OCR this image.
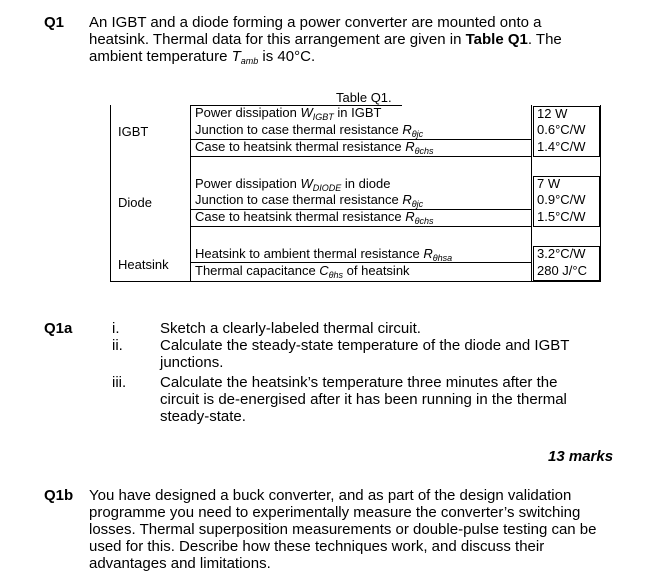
Q1 An IGBT and a diode forming a power converter are mounted onto a
heatsink. Thermal data for this arrangement are given in Table Q1. The
ambient temperature $T_{amb}$ is 40°C.
Table Q1.
IGBT
Diode
Heatsink
Power dissipation $W_{IGBT}$ in IGBT
Junction to case thermal resistance $R_{\theta jc}$
Case to heatsink thermal resistance $R_{\theta chs}$
12 W
0.6°C/W
1.4°C/W
Power dissipation $W_{DIODE}$ in diode
Junction to case thermal resistance $R_{\theta jc}$
Case to heatsink thermal resistance $R_{\theta chs}$
7 W
0.9°C/W
1.5°C/W
Heatsink to ambient thermal resistance $R_{\theta hsa}$
Thermal capacitance $C_{\theta hs}$ of heatsink
3.2°C/W
280 J/°C
Q1a	i.	Sketch a clearly-labeled thermal circuit.
ii. Calculate the steady-state temperature of the diode and IGBT
junctions.
iii. Calculate the heatsink’s temperature three minutes after the
circuit is de-energised after it has been running in the thermal
steady-state.
13 marks
Q1b You have designed a buck converter, and as part of the design validation
programme you need to experimentally measure the converter’s switching
losses. Thermal superposition measurements or double-pulse testing can be
used for this. Describe how these techniques work, and discuss their
advantages and limitations.
